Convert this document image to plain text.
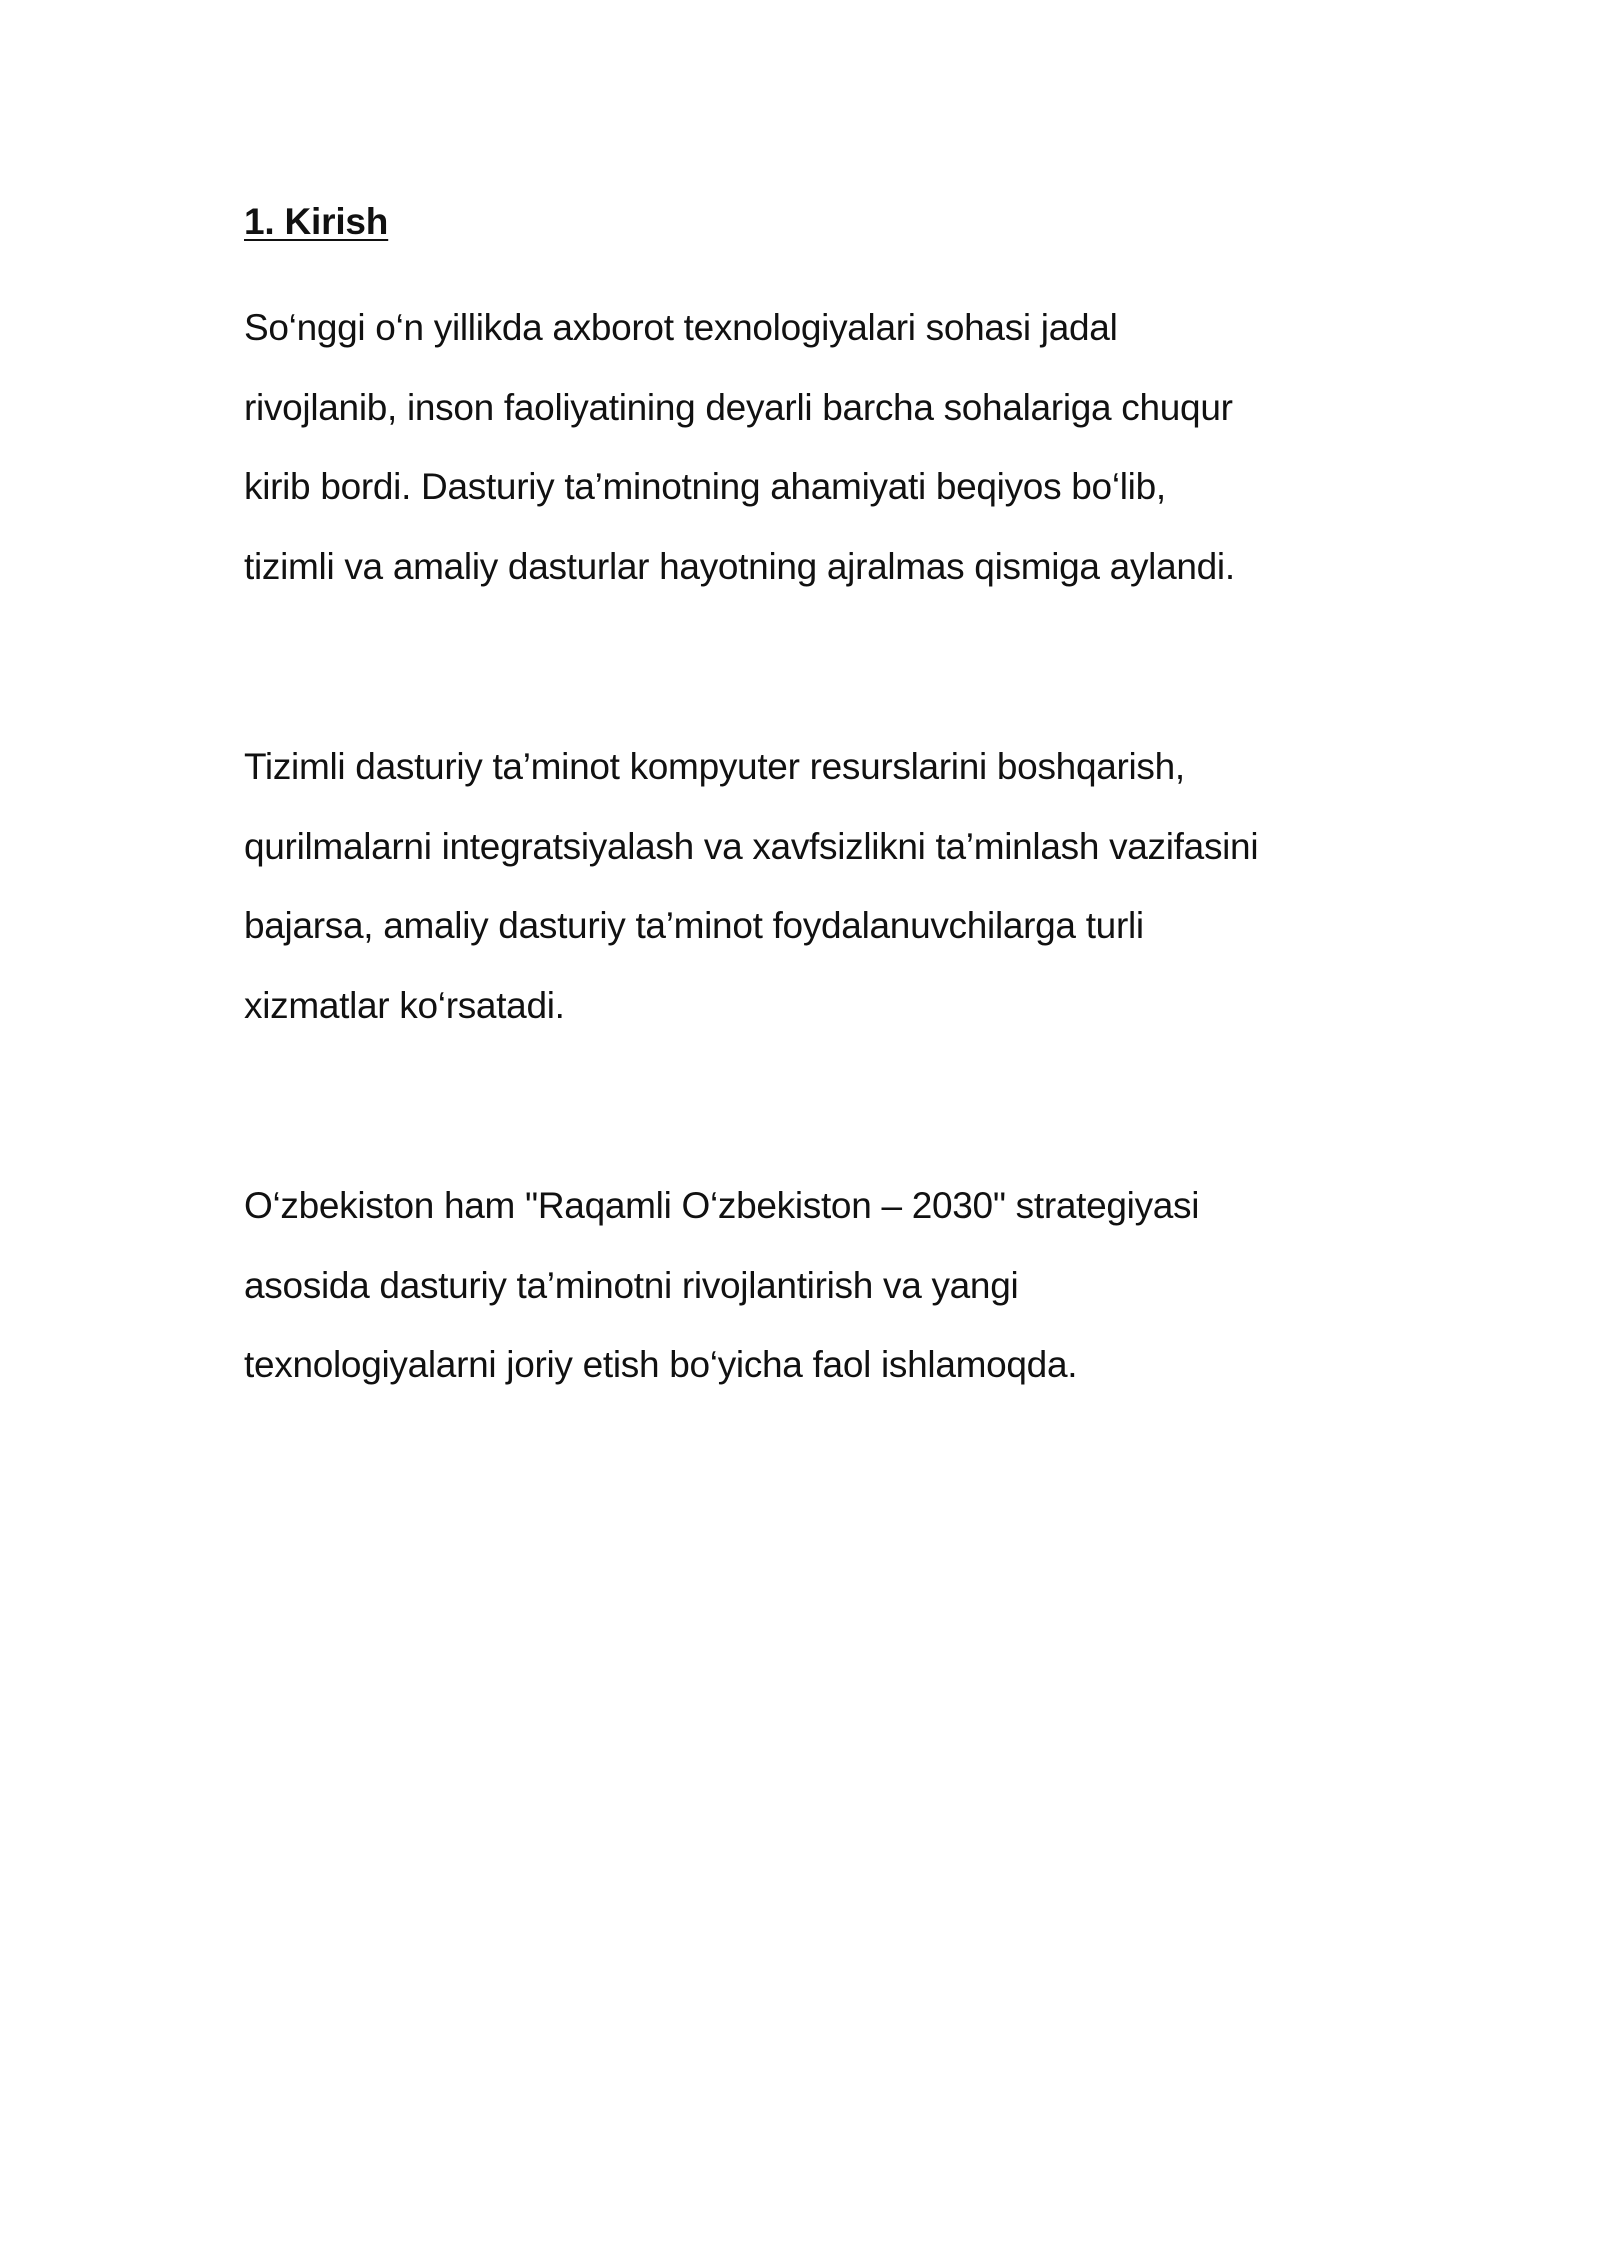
1. Kirish

So‘nggi o‘n yillikda axborot texnologiyalari sohasi jadal
rivojlanib, inson faoliyatining deyarli barcha sohalariga chuqur
kirib bordi. Dasturiy ta’minotning ahamiyati beqiyos bo‘lib,
tizimli va amaliy dasturlar hayotning ajralmas qismiga aylandi.

Tizimli dasturiy ta’minot kompyuter resurslarini boshqarish,
qurilmalarni integratsiyalash va xavfsizlikni ta’minlash vazifasini
bajarsa, amaliy dasturiy ta’minot foydalanuvchilarga turli
xizmatlar ko‘rsatadi.

O‘zbekiston ham "Raqamli O‘zbekiston – 2030" strategiyasi
asosida dasturiy ta’minotni rivojlantirish va yangi
texnologiyalarni joriy etish bo‘yicha faol ishlamoqda.
